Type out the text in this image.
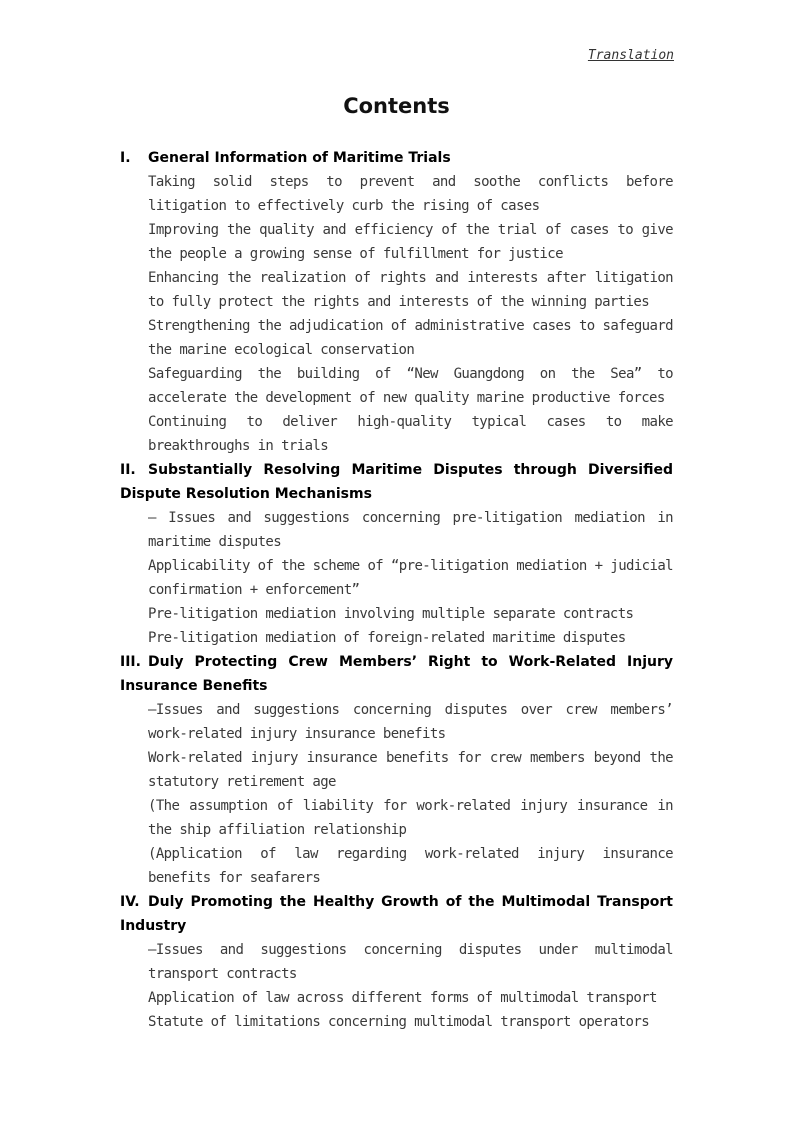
Translation
Contents
I. General Information of Maritime Trials
Taking solid steps to prevent and soothe conflicts before litigation to effectively curb the rising of cases
Improving the quality and efficiency of the trial of cases to give the people a growing sense of fulfillment for justice
Enhancing the realization of rights and interests after litigation to fully protect the rights and interests of the winning parties
Strengthening the adjudication of administrative cases to safeguard the marine ecological conservation
Safeguarding the building of “New Guangdong on the Sea” to accelerate the development of new quality marine productive forces
Continuing to deliver high-quality typical cases to make breakthroughs in trials
II. Substantially Resolving Maritime Disputes through Diversified Dispute Resolution Mechanisms
— Issues and suggestions concerning pre-litigation mediation in maritime disputes
Applicability of the scheme of “pre-litigation mediation + judicial confirmation + enforcement”
Pre-litigation mediation involving multiple separate contracts
Pre-litigation mediation of foreign-related maritime disputes
III. Duly Protecting Crew Members’ Right to Work-Related Injury Insurance Benefits
—Issues and suggestions concerning disputes over crew members’ work-related injury insurance benefits
Work-related injury insurance benefits for crew members beyond the statutory retirement age
(The assumption of liability for work-related injury insurance in the ship affiliation relationship
(Application of law regarding work-related injury insurance benefits for seafarers
IV. Duly Promoting the Healthy Growth of the Multimodal Transport Industry
—Issues and suggestions concerning disputes under multimodal transport contracts
Application of law across different forms of multimodal transport
Statute of limitations concerning multimodal transport operators
